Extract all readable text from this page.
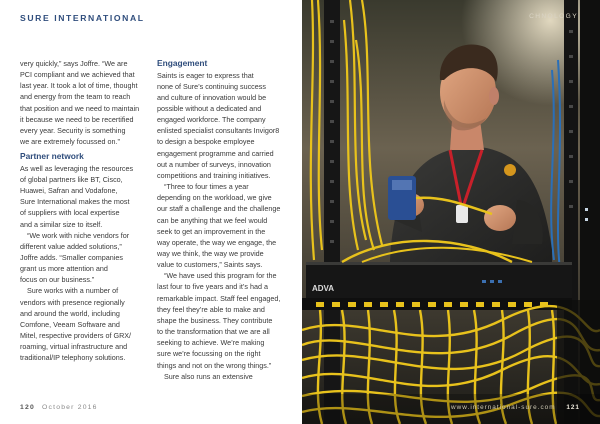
SURE INTERNATIONAL

very quickly,” says Joffre. “We are

PCI compliant and we achieved that

last year. It took a lot of time, thought

and energy from the team to reach

that position and we need to maintain

it because we need to be recertified

every year. Security is something

we are extremely focussed on.”

Partner network

As well as leveraging the resources

of global partners like BT, Cisco,

Huawei, Safran and Vodafone,

Sure International makes the most

of suppliers with local expertise

and a similar size to itself.

“We work with niche vendors for

different value added solutions,”

Joffre adds. “Smaller companies

grant us more attention and

focus on our business.”

Sure works with a number of

vendors with presence regionally

and around the world, including

Comfone, Veeam Software and

Mitel, respective providers of GRX/

roaming, virtual infrastructure and

traditional/IP telephony solutions.

Engagement

Saints is eager to express that

none of Sure’s continuing success

and culture of innovation would be

possible without a dedicated and

engaged workforce. The company

enlisted specialist consultants Invigor8

to design a bespoke employee

engagement programme and carried

out a number of surveys, innovation

competitions and training initiatives.

“Three to four times a year

depending on the workload, we give

our staff a challenge and the challenge

can be anything that we feel would

seek to get an improvement in the

way operate, the way we engage, the

way we think, the way we provide

value to customers,” Saints says.

“We have used this program for the

last four to five years and it’s had a

remarkable impact. Staff feel engaged,

they feel they’re able to make and

shape the business. They contribute

to the transformation that we are all

seeking to achieve. We’re making

sure we’re focussing on the right

things and not on the wrong things.”

Sure also runs an extensive

120 October 2016
ADVA
CHNOLOGY
www.international-sure.com 121
